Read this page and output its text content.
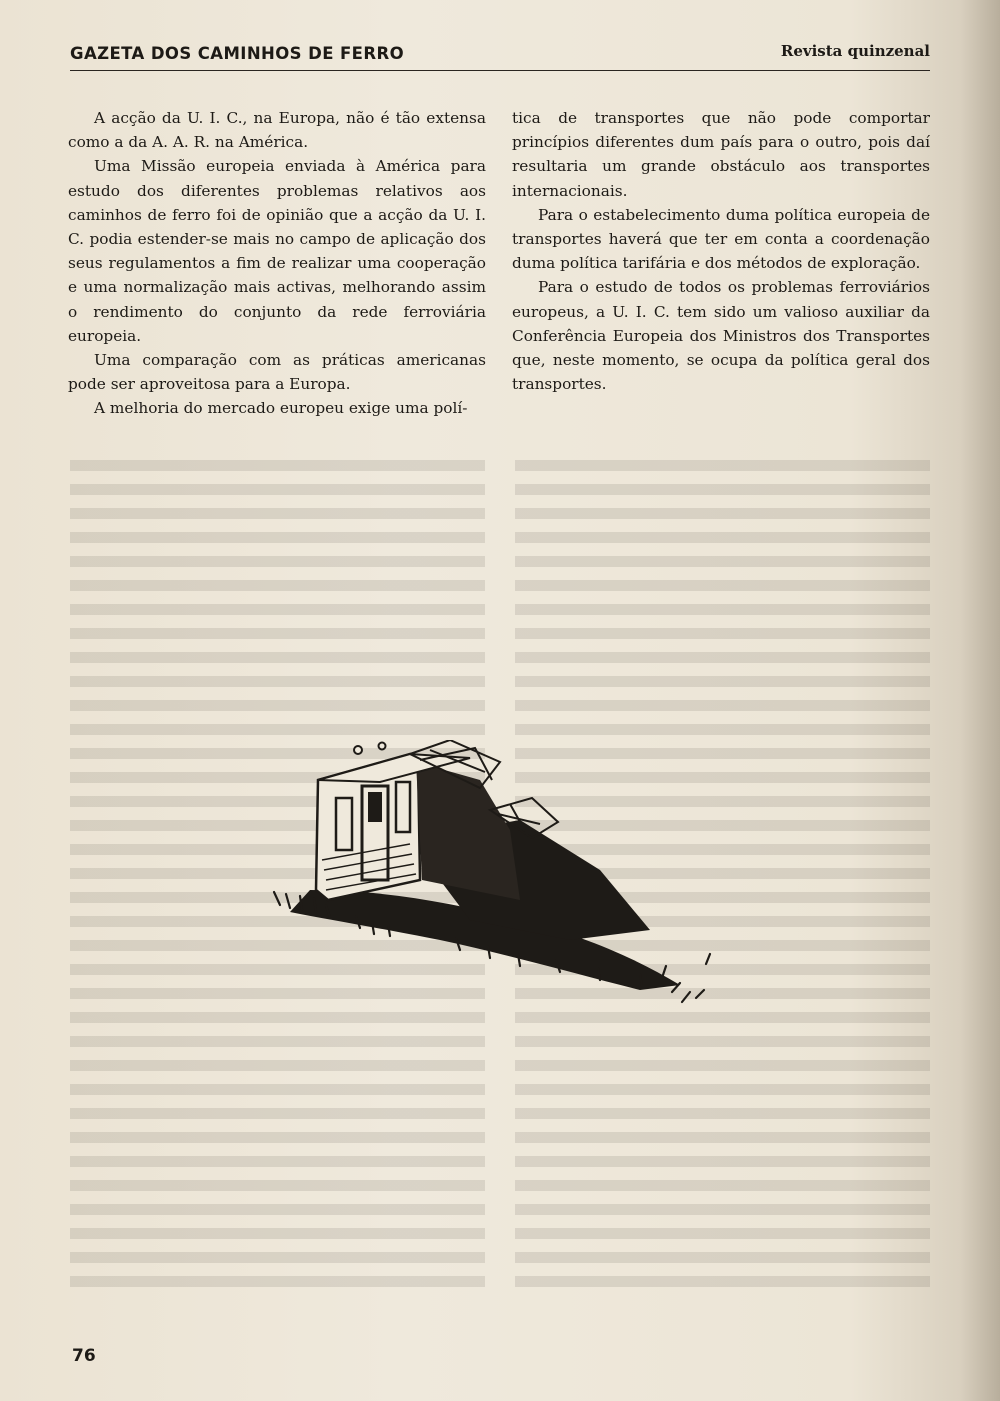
GAZETA DOS CAMINHOS DE FERRO	Revista quinzenal

A acção da U. I. C., na Europa, não é tão extensa como a da A. A. R. na América.

Uma Missão europeia enviada à América para estudo dos diferentes problemas relativos aos caminhos de ferro foi de opinião que a acção da U. I. C. podia estender-se mais no campo de aplicação dos seus regulamentos a fim de realizar uma cooperação e uma normalização mais activas, melhorando assim o rendimento do conjunto da rede ferroviária europeia.

Uma comparação com as práticas americanas pode ser aproveitosa para a Europa.

A melhoria do mercado europeu exige uma polí-

tica de transportes que não pode comportar princípios diferentes dum país para o outro, pois daí resultaria um grande obstáculo aos transportes internacionais.

Para o estabelecimento duma política europeia de transportes haverá que ter em conta a coordenação duma política tarifária e dos métodos de exploração.

Para o estudo de todos os problemas ferroviários europeus, a U. I. C. tem sido um valioso auxiliar da Conferência Europeia dos Ministros dos Transportes que, neste momento, se ocupa da política geral dos transportes.

76
